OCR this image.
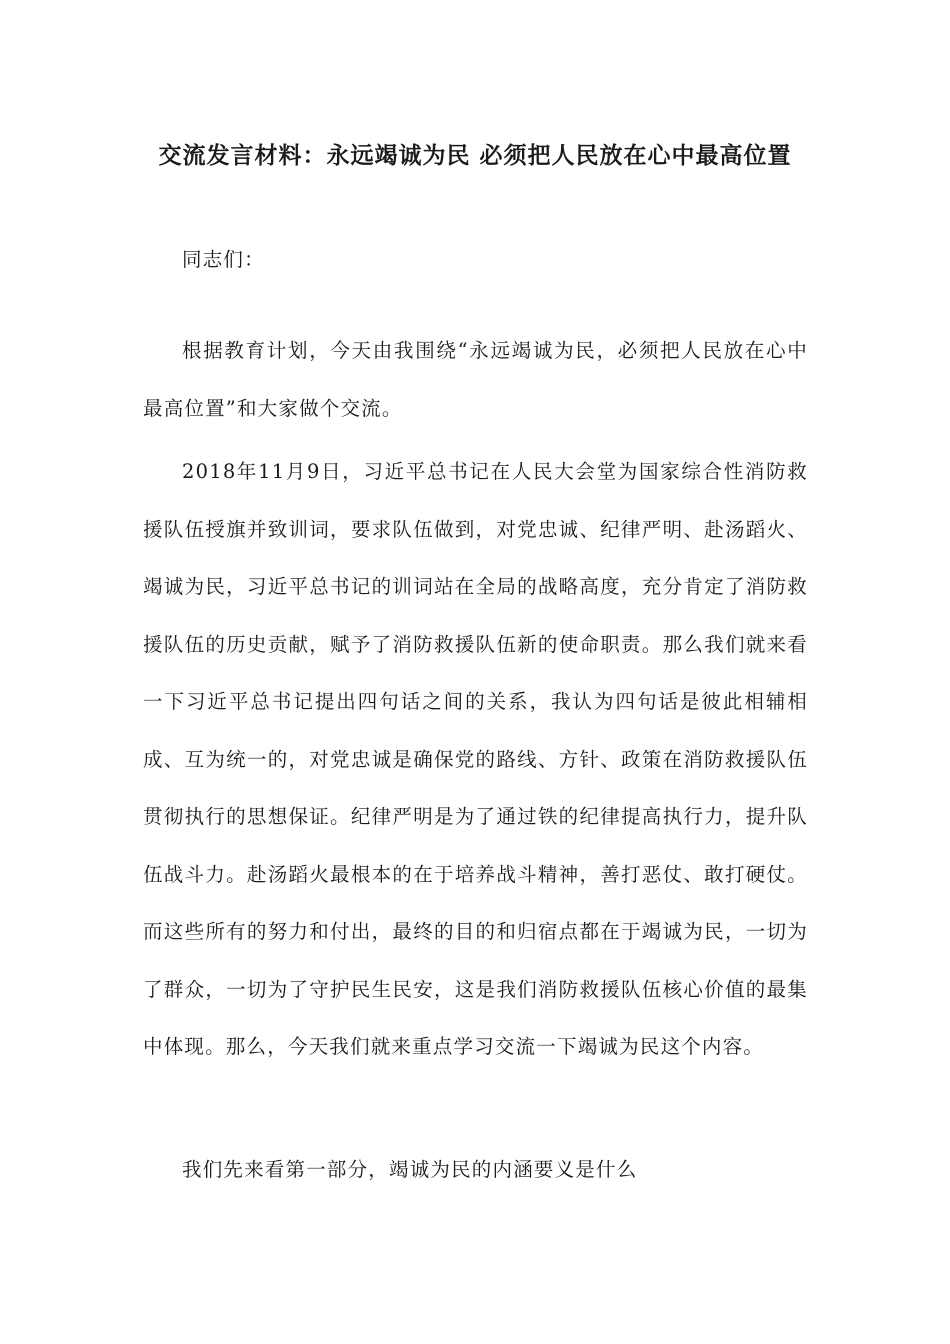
交流发言材料：永远竭诚为民 必须把人民放在心中最高位置

同志们：

根据教育计划，今天由我围绕“永远竭诚为民，必须把人民放在心中最高位置”和大家做个交流。

2018年11月9日，习近平总书记在人民大会堂为国家综合性消防救援队伍授旗并致训词，要求队伍做到，对党忠诚、纪律严明、赴汤蹈火、竭诚为民，习近平总书记的训词站在全局的战略高度，充分肯定了消防救援队伍的历史贡献，赋予了消防救援队伍新的使命职责。那么我们就来看一下习近平总书记提出四句话之间的关系，我认为四句话是彼此相辅相成、互为统一的，对党忠诚是确保党的路线、方针、政策在消防救援队伍贯彻执行的思想保证。纪律严明是为了通过铁的纪律提高执行力，提升队伍战斗力。赴汤蹈火最根本的在于培养战斗精神，善打恶仗、敢打硬仗。而这些所有的努力和付出，最终的目的和归宿点都在于竭诚为民，一切为了群众，一切为了守护民生民安，这是我们消防救援队伍核心价值的最集中体现。那么，今天我们就来重点学习交流一下竭诚为民这个内容。

我们先来看第一部分，竭诚为民的内涵要义是什么
